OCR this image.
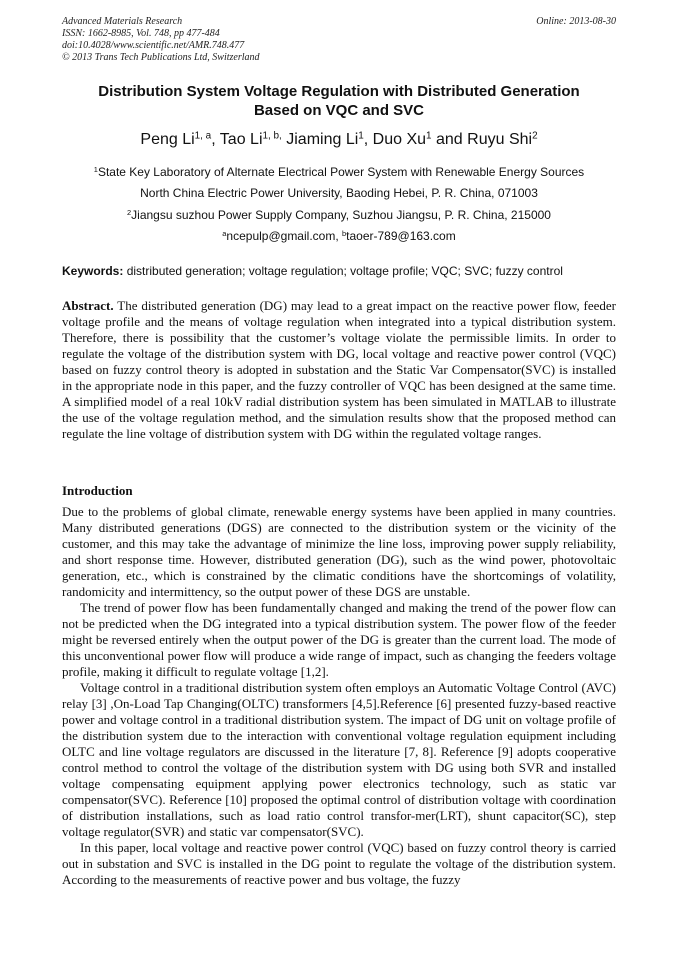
Advanced Materials Research
ISSN: 1662-8985, Vol. 748, pp 477-484
doi:10.4028/www.scientific.net/AMR.748.477
© 2013 Trans Tech Publications Ltd, Switzerland
Online: 2013-08-30
Distribution System Voltage Regulation with Distributed Generation
Based on VQC and SVC
Peng Li$^{1, a}$, Tao $Li^{1, b,}$ Jiaming Li$^1$, Duo Xu$^1$ and Ruyu Shi$^2$
$^1$State Key Laboratory of Alternate Electrical Power System with Renewable Energy Sources
North China Electric Power University, Baoding Hebei, P. R. China, 071003
$^2$Jiangsu suzhou Power Supply Company, Suzhou Jiangsu, P. R. China, 215000
$^a$ncepulp@gmail.com, $^b$taoer-789@163.com
Keywords: distributed generation; voltage regulation; voltage profile; VQC; SVC; fuzzy control

Abstract. The distributed generation (DG) may lead to a great impact on the reactive power flow, feeder voltage profile and the means of voltage regulation when integrated into a typical distribution system. Therefore, there is possibility that the customer’s voltage violate the permissible limits. In order to regulate the voltage of the distribution system with DG, local voltage and reactive power control (VQC) based on fuzzy control theory is adopted in substation and the Static Var Compensator(SVC) is installed in the appropriate node in this paper, and the fuzzy controller of VQC has been designed at the same time. A simplified model of a real 10kV radial distribution system has been simulated in MATLAB to illustrate the use of the voltage regulation method, and the simulation results show that the proposed method can regulate the line voltage of distribution system with DG within the regulated voltage ranges.

Introduction

Due to the problems of global climate, renewable energy systems have been applied in many countries. Many distributed generations (DGS) are connected to the distribution system or the vicinity of the customer, and this may take the advantage of minimize the line loss, improving power supply reliability, and short response time. However, distributed generation (DG), such as the wind power, photovoltaic generation, etc., which is constrained by the climatic conditions have the shortcomings of volatility, randomicity and intermittency, so the output power of these DGS are unstable.

The trend of power flow has been fundamentally changed and making the trend of the power flow can not be predicted when the DG integrated into a typical distribution system. The power flow of the feeder might be reversed entirely when the output power of the DG is greater than the current load. The mode of this unconventional power flow will produce a wide range of impact, such as changing the feeders voltage profile, making it difficult to regulate voltage [1,2].

Voltage control in a traditional distribution system often employs an Automatic Voltage Control (AVC) relay [3] ,On-Load Tap Changing(OLTC) transformers [4,5].Reference [6] presented fuzzy-based reactive power and voltage control in a traditional distribution system. The impact of DG unit on voltage profile of the distribution system due to the interaction with conventional voltage regulation equipment including OLTC and line voltage regulators are discussed in the literature [7, 8]. Reference [9] adopts cooperative control method to control the voltage of the distribution system with DG using both SVR and installed voltage compensating equipment applying power electronics technology, such as static var compensator(SVC). Reference [10] proposed the optimal control of distribution voltage with coordination of distribution installations, such as load ratio control transfor-mer(LRT), shunt capacitor(SC), step voltage regulator(SVR) and static var compensator(SVC).

In this paper, local voltage and reactive power control (VQC) based on fuzzy control theory is carried out in substation and SVC is installed in the DG point to regulate the voltage of the distribution system. According to the measurements of reactive power and bus voltage, the fuzzy
